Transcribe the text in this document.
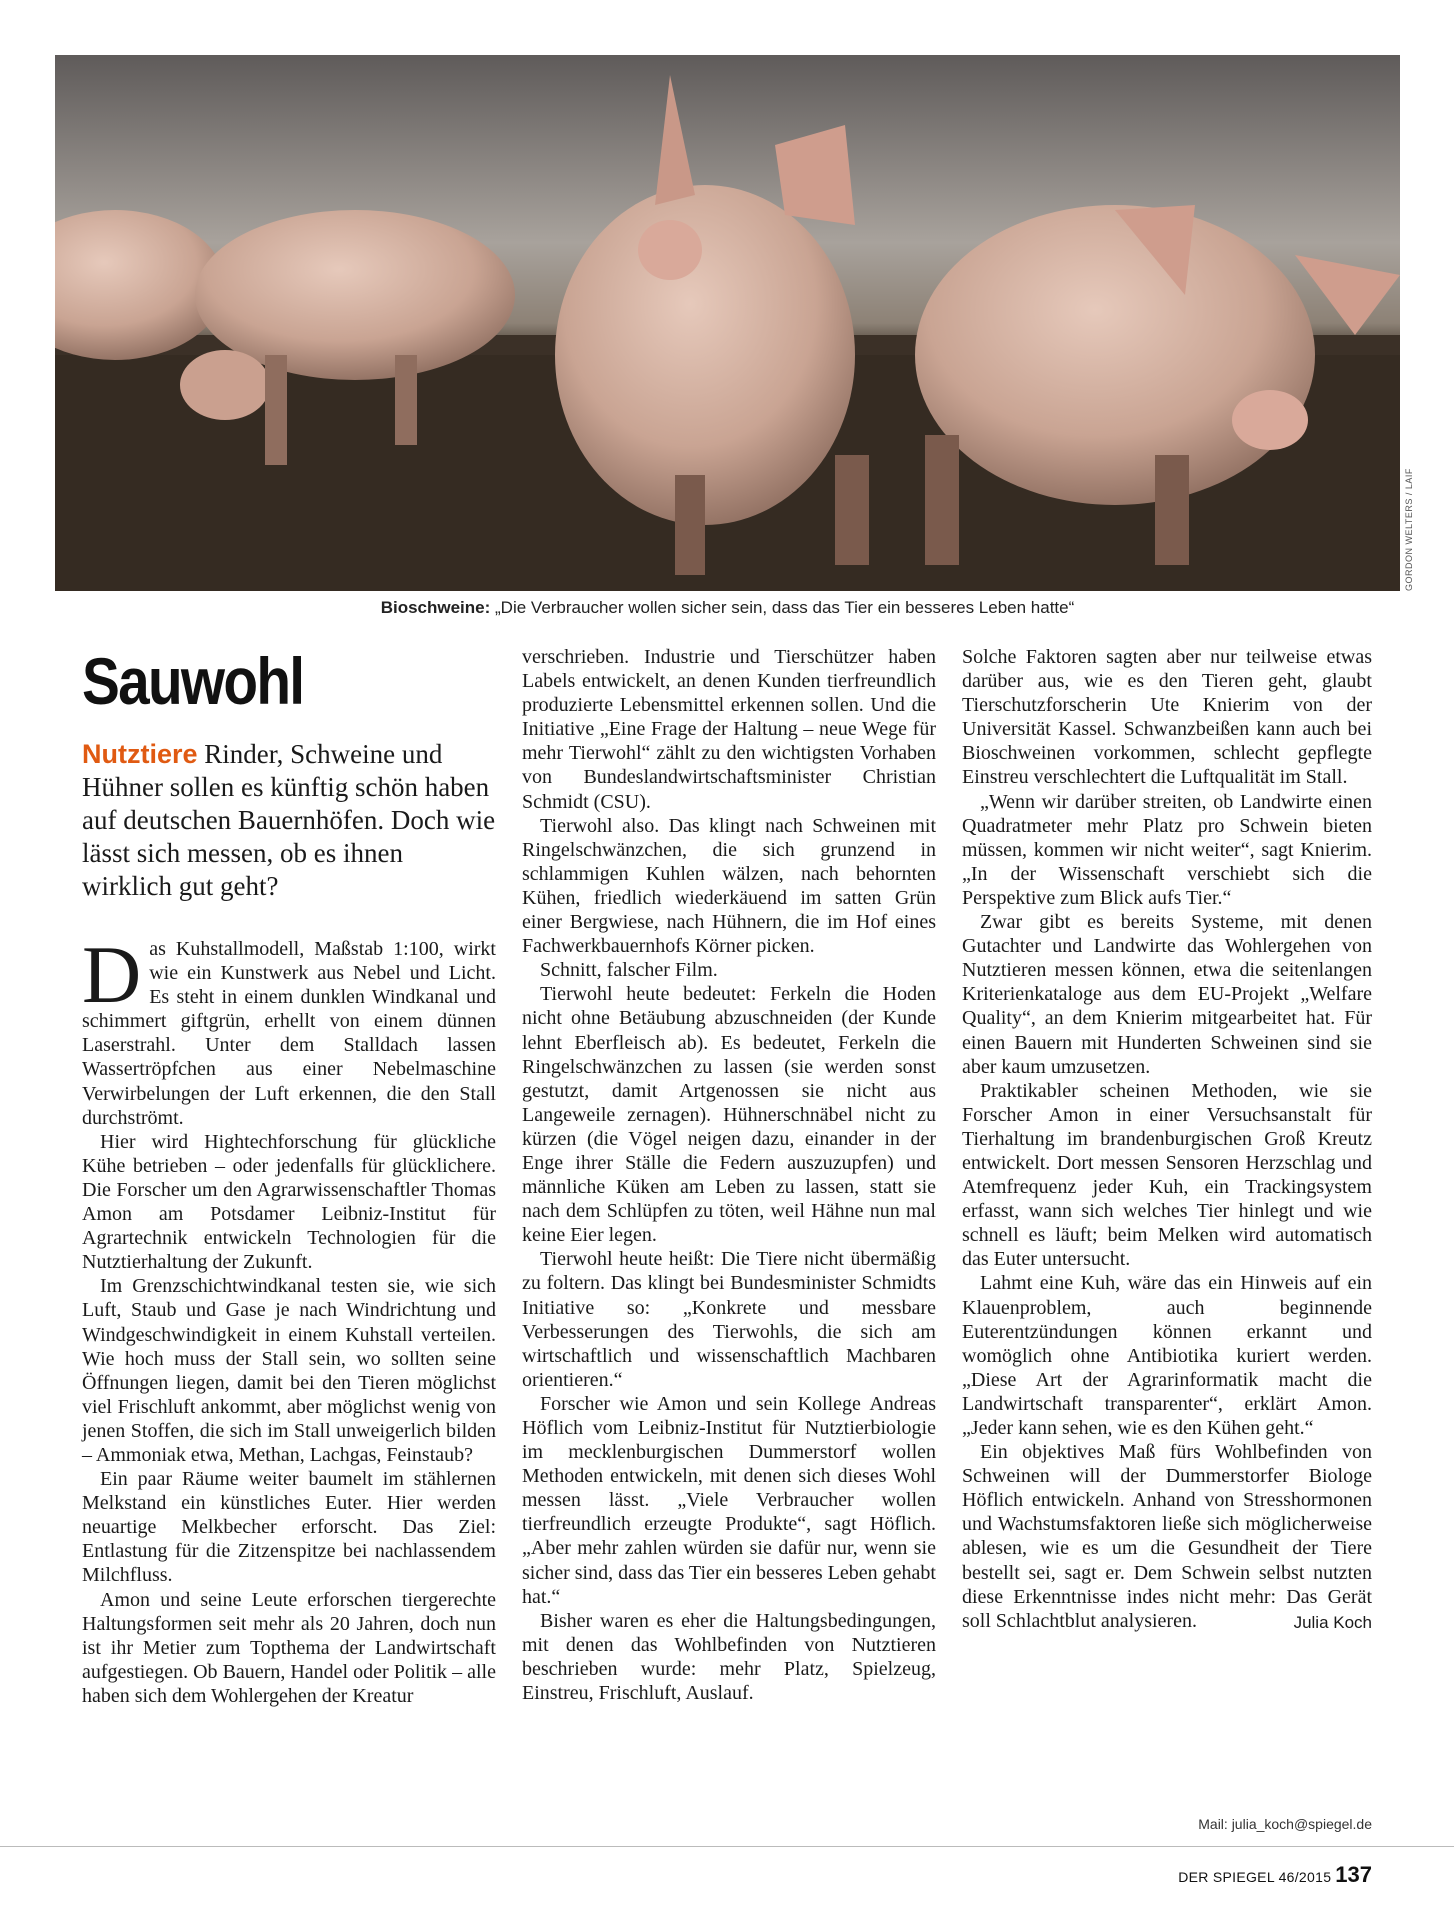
GORDON WELTERS / LAIF
Bioschweine: „Die Verbraucher wollen sicher sein, dass das Tier ein besseres Leben hatte“
Sauwohl
Nutztiere Rinder, Schweine und Hühner sollen es künftig schön haben auf deutschen Bauernhöfen. Doch wie lässt sich messen, ob es ihnen wirklich gut geht?

Das Kuhstallmodell, Maßstab 1:100, wirkt wie ein Kunstwerk aus Nebel und Licht. Es steht in einem dunklen Windkanal und schimmert giftgrün, erhellt von einem dünnen Laserstrahl. Unter dem Stalldach lassen Wassertröpfchen aus einer Nebelmaschine Verwirbelungen der Luft erkennen, die den Stall durchströmt.

Hier wird Hightechforschung für glückliche Kühe betrieben – oder jedenfalls für glücklichere. Die Forscher um den Agrarwissenschaftler Thomas Amon am Potsdamer Leibniz-Institut für Agrartechnik entwickeln Technologien für die Nutztierhaltung der Zukunft.

Im Grenzschichtwindkanal testen sie, wie sich Luft, Staub und Gase je nach Windrichtung und Windgeschwindigkeit in einem Kuhstall verteilen. Wie hoch muss der Stall sein, wo sollten seine Öffnungen liegen, damit bei den Tieren möglichst viel Frischluft ankommt, aber möglichst wenig von jenen Stoffen, die sich im Stall unweigerlich bilden – Ammoniak etwa, Methan, Lachgas, Feinstaub?

Ein paar Räume weiter baumelt im stählernen Melkstand ein künstliches Euter. Hier werden neuartige Melkbecher erforscht. Das Ziel: Entlastung für die Zitzenspitze bei nachlassendem Milchfluss.

Amon und seine Leute erforschen tiergerechte Haltungsformen seit mehr als 20 Jahren, doch nun ist ihr Metier zum Topthema der Landwirtschaft aufgestiegen. Ob Bauern, Handel oder Politik – alle haben sich dem Wohlergehen der Kreatur

verschrieben. Industrie und Tierschützer haben Labels entwickelt, an denen Kunden tierfreundlich produzierte Lebensmittel erkennen sollen. Und die Initiative „Eine Frage der Haltung – neue Wege für mehr Tierwohl“ zählt zu den wichtigsten Vorhaben von Bundeslandwirtschaftsminister Christian Schmidt (CSU).

Tierwohl also. Das klingt nach Schweinen mit Ringelschwänzchen, die sich grunzend in schlammigen Kuhlen wälzen, nach behornten Kühen, friedlich wiederkäuend im satten Grün einer Bergwiese, nach Hühnern, die im Hof eines Fachwerkbauernhofs Körner picken.

Schnitt, falscher Film.

Tierwohl heute bedeutet: Ferkeln die Hoden nicht ohne Betäubung abzuschneiden (der Kunde lehnt Eberfleisch ab). Es bedeutet, Ferkeln die Ringelschwänzchen zu lassen (sie werden sonst gestutzt, damit Artgenossen sie nicht aus Langeweile zernagen). Hühnerschnäbel nicht zu kürzen (die Vögel neigen dazu, einander in der Enge ihrer Ställe die Federn auszuzupfen) und männliche Küken am Leben zu lassen, statt sie nach dem Schlüpfen zu töten, weil Hähne nun mal keine Eier legen.

Tierwohl heute heißt: Die Tiere nicht übermäßig zu foltern. Das klingt bei Bundesminister Schmidts Initiative so: „Konkrete und messbare Verbesserungen des Tierwohls, die sich am wirtschaftlich und wissenschaftlich Machbaren orientieren.“

Forscher wie Amon und sein Kollege Andreas Höflich vom Leibniz-Institut für Nutztierbiologie im mecklenburgischen Dummerstorf wollen Methoden entwickeln, mit denen sich dieses Wohl messen lässt. „Viele Verbraucher wollen tierfreundlich erzeugte Produkte“, sagt Höflich. „Aber mehr zahlen würden sie dafür nur, wenn sie sicher sind, dass das Tier ein besseres Leben gehabt hat.“

Bisher waren es eher die Haltungsbedingungen, mit denen das Wohlbefinden von Nutztieren beschrieben wurde: mehr Platz, Spielzeug, Einstreu, Frischluft, Auslauf.

Solche Faktoren sagten aber nur teilweise etwas darüber aus, wie es den Tieren geht, glaubt Tierschutzforscherin Ute Knierim von der Universität Kassel. Schwanzbeißen kann auch bei Bioschweinen vorkommen, schlecht gepflegte Einstreu verschlechtert die Luftqualität im Stall.

„Wenn wir darüber streiten, ob Landwirte einen Quadratmeter mehr Platz pro Schwein bieten müssen, kommen wir nicht weiter“, sagt Knierim. „In der Wissenschaft verschiebt sich die Perspektive zum Blick aufs Tier.“

Zwar gibt es bereits Systeme, mit denen Gutachter und Landwirte das Wohlergehen von Nutztieren messen können, etwa die seitenlangen Kriterienkataloge aus dem EU-Projekt „Welfare Quality“, an dem Knierim mitgearbeitet hat. Für einen Bauern mit Hunderten Schweinen sind sie aber kaum umzusetzen.

Praktikabler scheinen Methoden, wie sie Forscher Amon in einer Versuchsanstalt für Tierhaltung im brandenburgischen Groß Kreutz entwickelt. Dort messen Sensoren Herzschlag und Atemfrequenz jeder Kuh, ein Trackingsystem erfasst, wann sich welches Tier hinlegt und wie schnell es läuft; beim Melken wird automatisch das Euter untersucht.

Lahmt eine Kuh, wäre das ein Hinweis auf ein Klauenproblem, auch beginnende Euterentzündungen können erkannt und womöglich ohne Antibiotika kuriert werden. „Diese Art der Agrarinformatik macht die Landwirtschaft transparenter“, erklärt Amon. „Jeder kann sehen, wie es den Kühen geht.“

Ein objektives Maß fürs Wohlbefinden von Schweinen will der Dummerstorfer Biologe Höflich entwickeln. Anhand von Stresshormonen und Wachstumsfaktoren ließe sich möglicherweise ablesen, wie es um die Gesundheit der Tiere bestellt sei, sagt er. Dem Schwein selbst nutzten diese Erkenntnisse indes nicht mehr: Das Gerät soll Schlachtblut analysieren.	Julia Koch

Mail: julia_koch@spiegel.de
DER SPIEGEL 46/2015 137
